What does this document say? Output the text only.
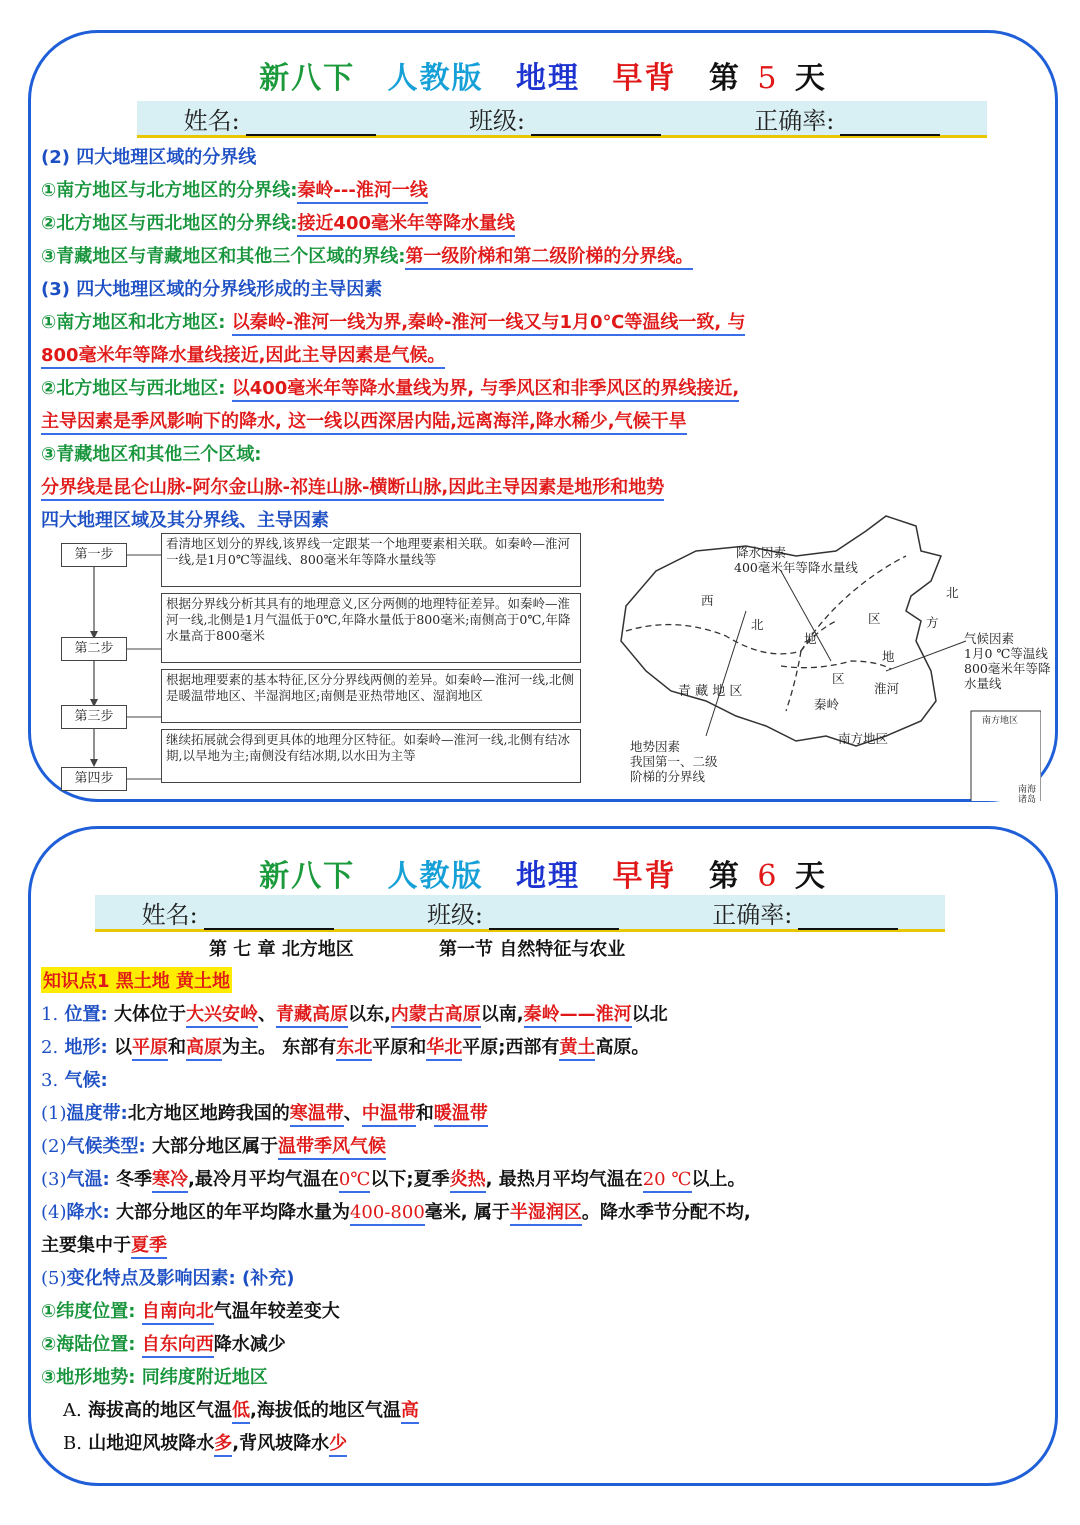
新八下 人教版 地理 早背 第 5 天
姓名:	班级:	正确率:
(2) 四大地理区域的分界线
①南方地区与北方地区的分界线:秦岭---淮河一线
②北方地区与西北地区的分界线:接近400毫米年等降水量线
③青藏地区与青藏地区和其他三个区域的界线:第一级阶梯和第二级阶梯的分界线。
(3) 四大地理区域的分界线形成的主导因素
①南方地区和北方地区: 以秦岭-淮河一线为界,秦岭-淮河一线又与1月0℃等温线一致, 与
800毫米年等降水量线接近,因此主导因素是气候。
②北方地区与西北地区: 以400毫米年等降水量线为界, 与季风区和非季风区的界线接近,
主导因素是季风影响下的降水, 这一线以西深居内陆,远离海洋,降水稀少,气候干旱
③青藏地区和其他三个区域:
分界线是昆仑山脉-阿尔金山脉-祁连山脉-横断山脉,因此主导因素是地形和地势
四大地理区域及其分界线、主导因素
第一步
看清地区划分的界线,该界线一定跟某一个地理要素相关联。如秦岭—淮河一线,是1月0℃等温线、800毫米年等降水量线等
第二步
根据分界线分析其具有的地理意义,区分两侧的地理特征差异。如秦岭—淮河一线,北侧是1月气温低于0℃,年降水量低于800毫米;南侧高于0℃,年降水量高于800毫米
第三步
根据地理要素的基本特征,区分分界线两侧的差异。如秦岭—淮河一线,北侧是暖温带地区、半湿润地区;南侧是亚热带地区、湿润地区
第四步
继续拓展就会得到更具体的地理分区特征。如秦岭—淮河一线,北侧有结冰期,以旱地为主;南侧没有结冰期,以水田为主等
降水因素
400毫米年等降水量线
西
北
地
区
北
方
地
区
青 藏 地 区
秦岭
淮河
南方地区
气候因素
1月0 ℃等温线
800毫米年等降
水量线
地势因素
我国第一、二级
阶梯的分界线
南方地区
南海诸岛
新八下 人教版 地理 早背 第 6 天
姓名:	班级:	正确率:
第 七 章 北方地区	第一节 自然特征与农业
知识点1 黑土地 黄土地
1. 位置: 大体位于大兴安岭、青藏高原以东,内蒙古高原以南,秦岭——淮河以北
2. 地形: 以平原和高原为主。 东部有东北平原和华北平原;西部有黄土高原。
3. 气候:
(1)温度带:北方地区地跨我国的寒温带、中温带和暖温带
(2)气候类型: 大部分地区属于温带季风气候
(3)气温: 冬季寒冷,最冷月平均气温在0℃以下;夏季炎热, 最热月平均气温在20 ℃以上。
(4)降水: 大部分地区的年平均降水量为400-800毫米, 属于半湿润区。降水季节分配不均,
主要集中于夏季
(5)变化特点及影响因素: (补充)
①纬度位置: 自南向北气温年较差变大
②海陆位置: 自东向西降水减少
③地形地势: 同纬度附近地区
A. 海拔高的地区气温低,海拔低的地区气温高
B. 山地迎风坡降水多,背风坡降水少
